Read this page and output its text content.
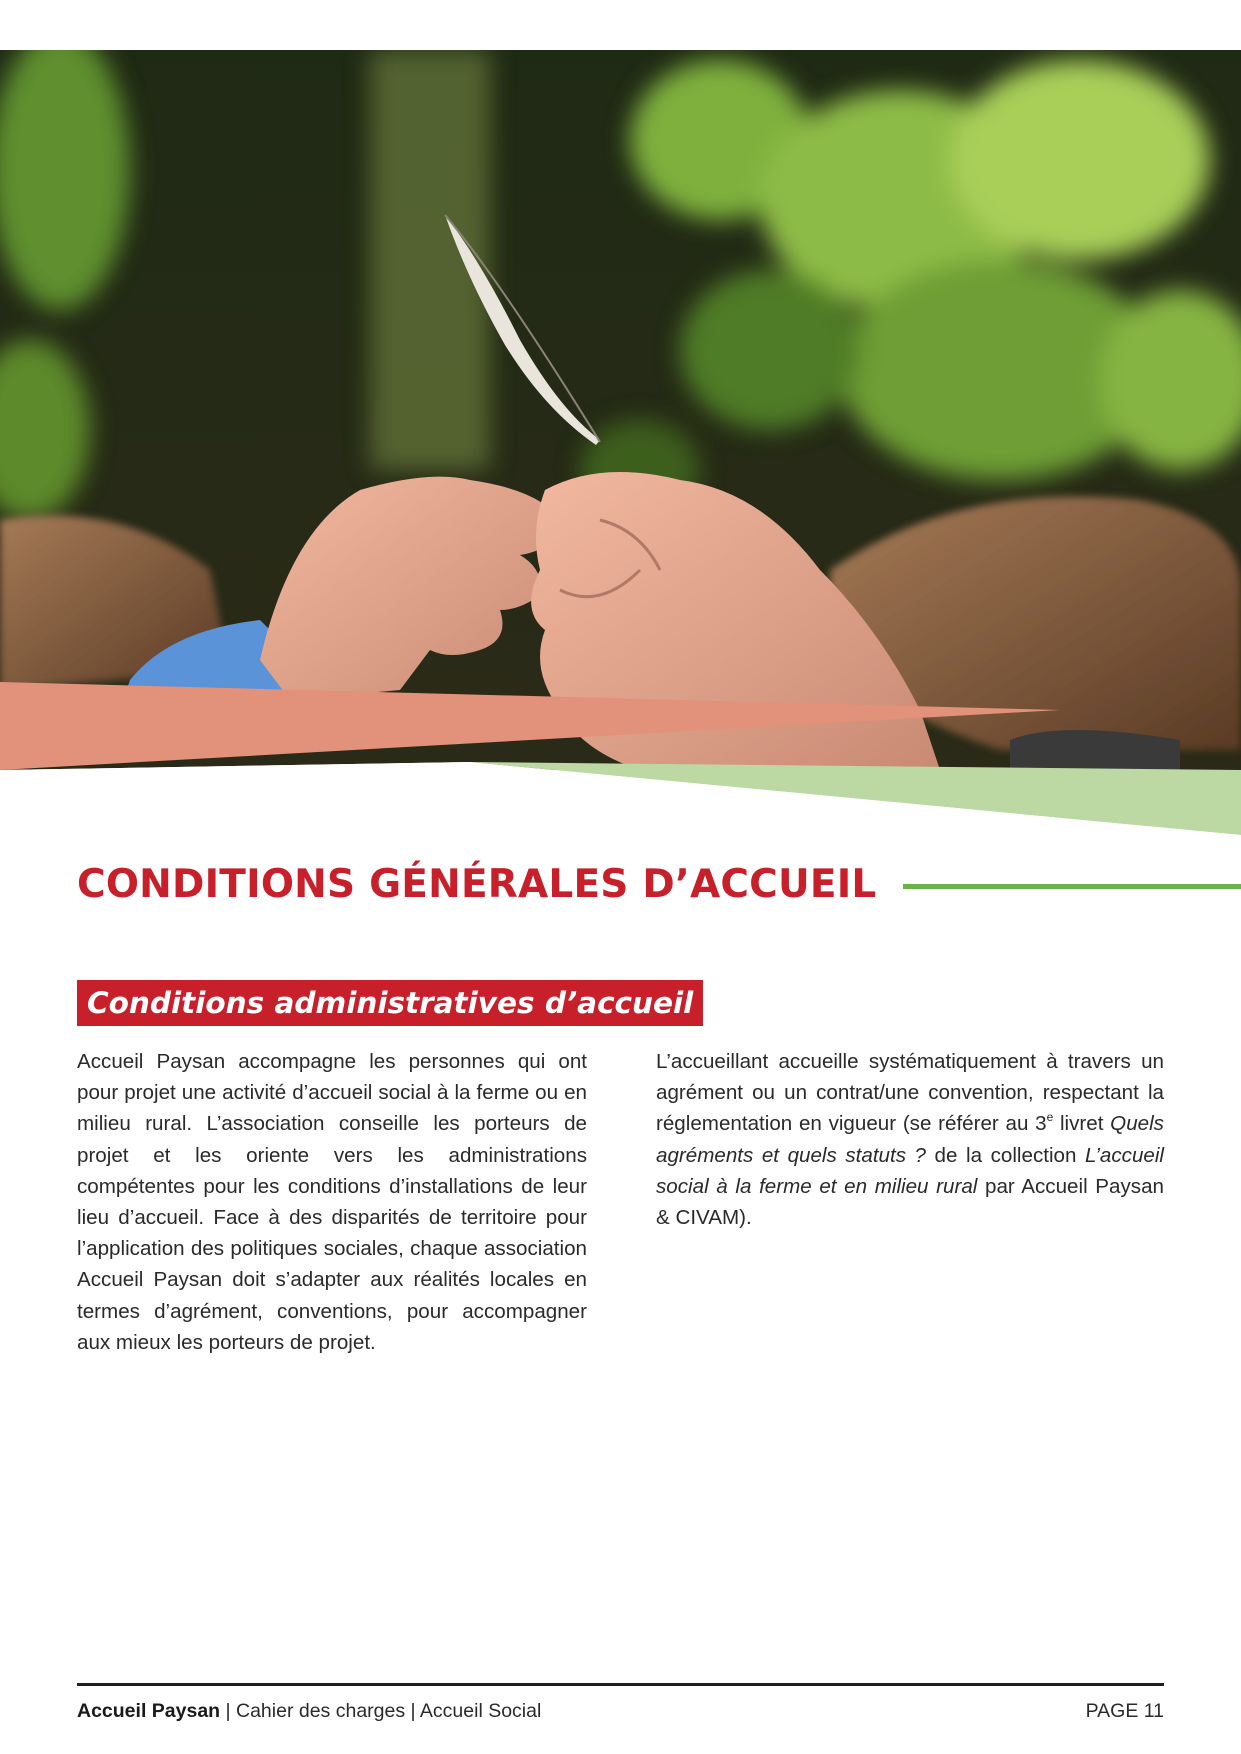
CONDITIONS GÉNÉRALES D’ACCUEIL
Conditions administratives d’accueil

Accueil Paysan accompagne les personnes qui ont pour projet une activité d’accueil social à la ferme ou en milieu rural. L’association conseille les porteurs de projet et les oriente vers les administrations compétentes pour les conditions d’installations de leur lieu d’accueil. Face à des disparités de territoire pour l’application des politiques sociales, chaque association Accueil Paysan doit s’adapter aux réalités locales en termes d’agrément, conventions, pour accompagner aux mieux les porteurs de projet.

L’accueillant accueille systématiquement à travers un agrément ou un contrat/une convention, respectant la réglementation en vigueur (se référer au 3e livret Quels agréments et quels statuts ? de la collection L’accueil social à la ferme et en milieu rural par Accueil Paysan & CIVAM).

Accueil Paysan | Cahier des charges | Accueil Social	PAGE 11
